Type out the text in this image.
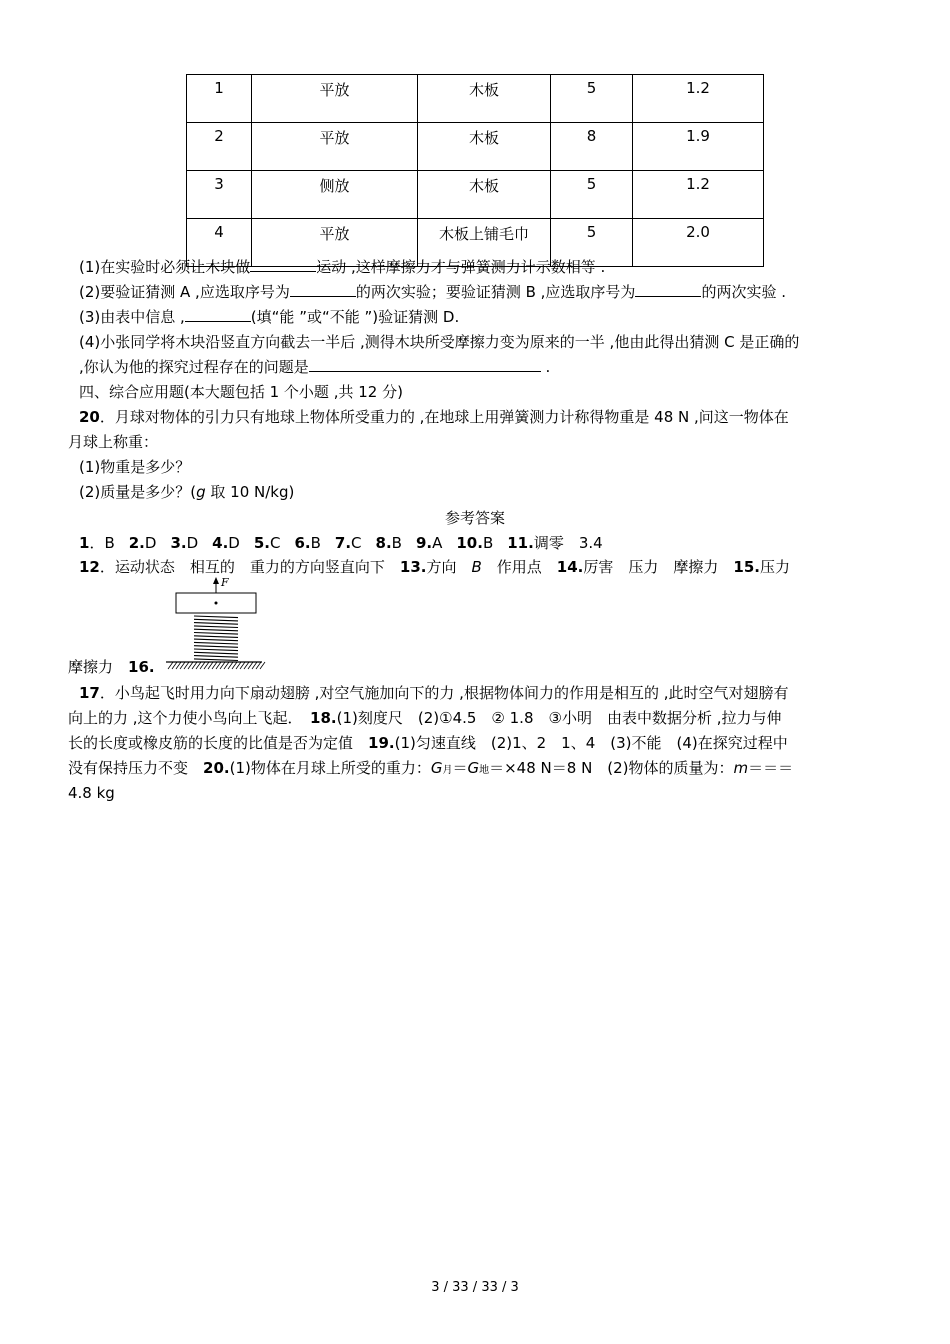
1	平放	木板	5	1.2
2	平放	木板	8	1.9
3	侧放	木板	5	1.2
4	平放	木板上铺毛巾	5	2.0
(1)在实验时必须让木块做	运动 ,这样摩擦力才与弹簧测力计示数相等 .
(2)要验证猜测 A ,应选取序号为	的两次实验；要验证猜测 B ,应选取序号为	的两次实验 .
(3)由表中信息 ,	(填“能 ”或“不能 ”)验证猜测 D.
(4)小张同学将木块沿竖直方向截去一半后 ,测得木块所受摩擦力变为原来的一半 ,他由此得出猜测 C 是正确的
,你认为他的探究过程存在的问题是	.
四、综合应用题(本大题包括 1 个小题 ,共 12 分)
20．月球对物体的引力只有地球上物体所受重力的 ,在地球上用弹簧测力计称得物重是 48 N ,问这一物体在
月球上称重：
(1)物重是多少？
(2)质量是多少？(g 取 10 N/kg)
参考答案
1．B 2.D 3.D 4.D 5.C 6.B 7.C 8.B 9.A 10.B 11.调零　3.4
12．运动状态　相互的　重力的方向竖直向下　13.方向　B　作用点　14.厉害　压力　摩擦力　15.压力
F
摩擦力　16.
17．小鸟起飞时用力向下扇动翅膀 ,对空气施加向下的力 ,根据物体间力的作用是相互的 ,此时空气对翅膀有
向上的力 ,这个力使小鸟向上飞起．　18.(1)刻度尺　(2)①4.5　② 1.8　③小明　由表中数据分析 ,拉力与伸
长的长度或橡皮筋的长度的比值是否为定值　19.(1)匀速直线　(2)1、2　1、4　(3)不能　(4)在探究过程中
没有保持压力不变　20.(1)物体在月球上所受的重力：G月＝G地＝×48 N＝8 N　(2)物体的质量为：m＝＝＝
4.8 kg
3 / 33 / 33 / 3
